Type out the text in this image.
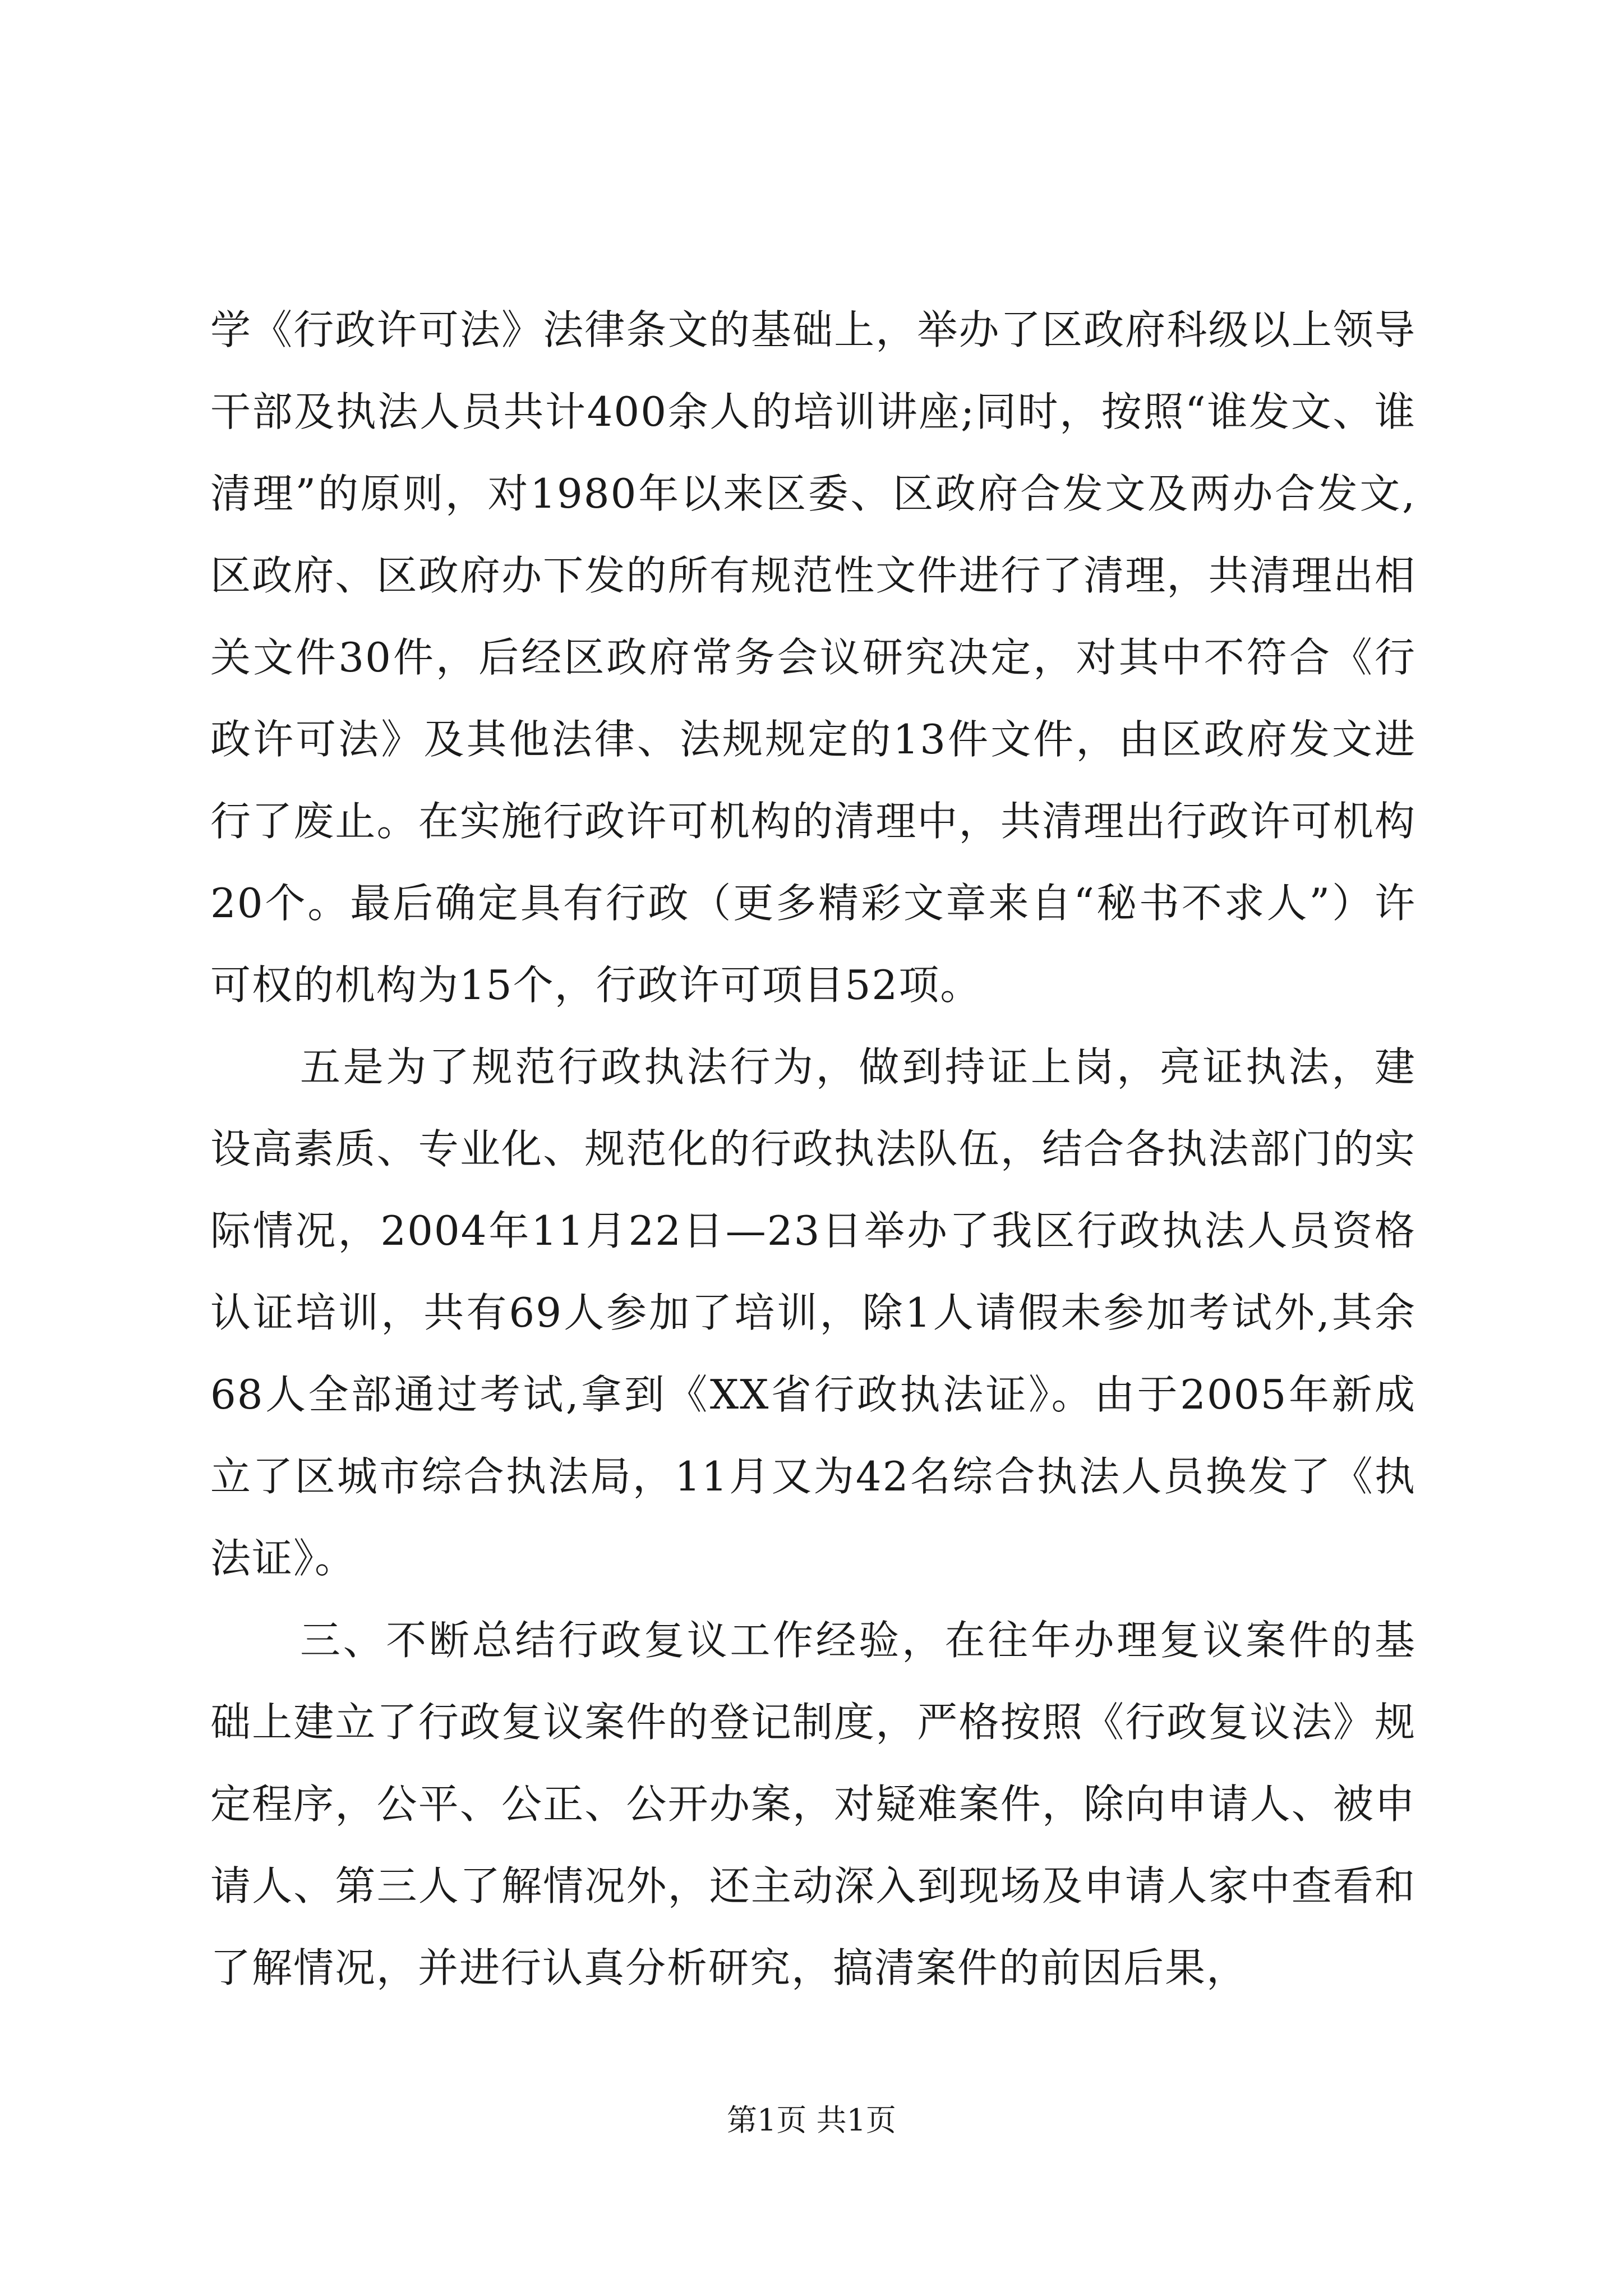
学《行政许可法》法律条文的基础上，举办了区政府科级以上领导干部及执法人员共计400余人的培训讲座;同时，按照“谁发文、谁清理”的原则，对1980年以来区委、区政府合发文及两办合发文,区政府、区政府办下发的所有规范性文件进行了清理，共清理出相关文件30件，后经区政府常务会议研究决定，对其中不符合《行政许可法》及其他法律、法规规定的13件文件，由区政府发文进行了废止。在实施行政许可机构的清理中，共清理出行政许可机构20个。最后确定具有行政（更多精彩文章来自“秘书不求人”）许可权的机构为15个，行政许可项目52项。

五是为了规范行政执法行为，做到持证上岗，亮证执法，建设高素质、专业化、规范化的行政执法队伍，结合各执法部门的实际情况，2004年11月22日—23日举办了我区行政执法人员资格认证培训，共有69人参加了培训，除1人请假未参加考试外,其余68人全部通过考试,拿到《XX省行政执法证》。由于2005年新成立了区城市综合执法局，11月又为42名综合执法人员换发了《执法证》。

三、不断总结行政复议工作经验，在往年办理复议案件的基础上建立了行政复议案件的登记制度，严格按照《行政复议法》规定程序，公平、公正、公开办案，对疑难案件，除向申请人、被申请人、第三人了解情况外，还主动深入到现场及申请人家中查看和了解情况，并进行认真分析研究，搞清案件的前因后果，

第1页 共1页
